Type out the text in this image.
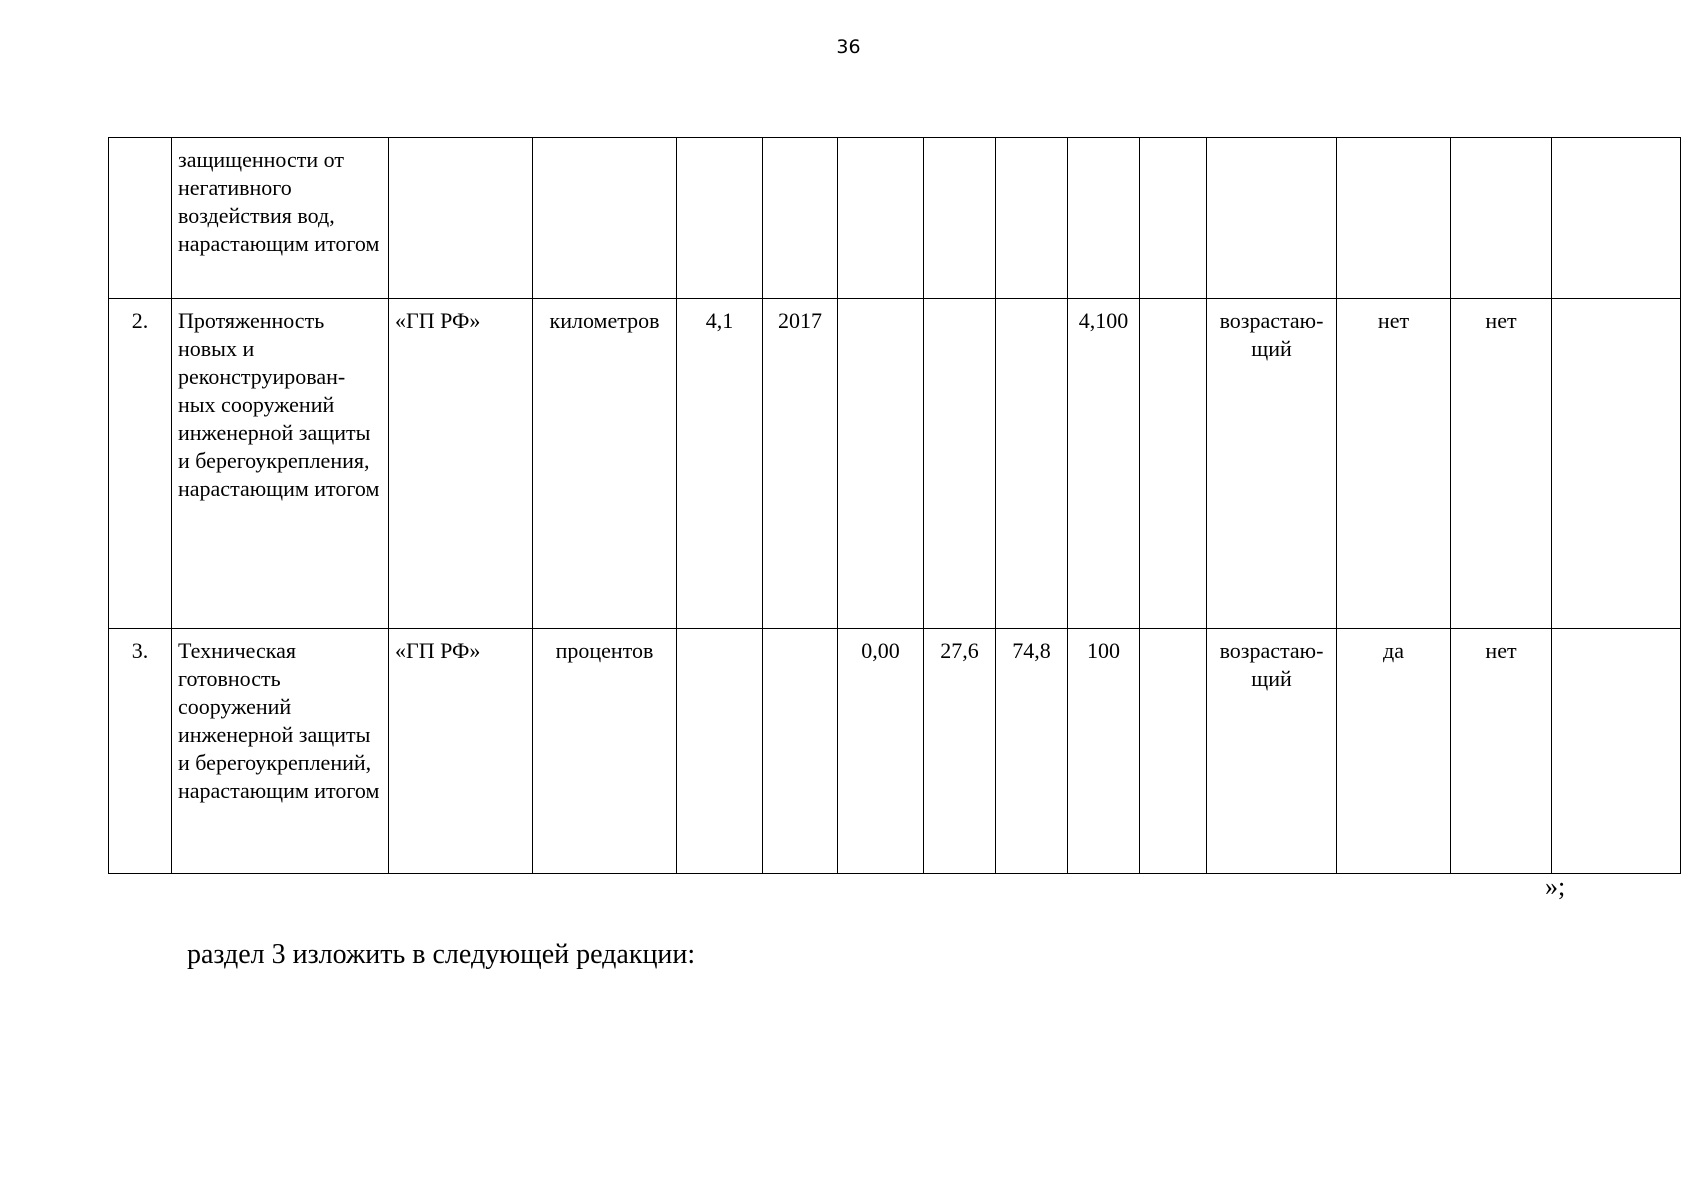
36
	защищенности от негативного воздействия вод, нарастающим итогом													
2.	Протяженность новых и реконструирован-ных сооружений инженерной защиты и берегоукрепления, нарастающим итогом	«ГП РФ»	километров	4,1	2017				4,100		возрастаю-щий	нет	нет	
3.	Техническая готовность сооружений инженерной защиты и берегоукреплений, нарастающим итогом	«ГП РФ»	процентов			0,00	27,6	74,8	100		возрастаю-щий	да	нет	
»;
раздел 3 изложить в следующей редакции:
